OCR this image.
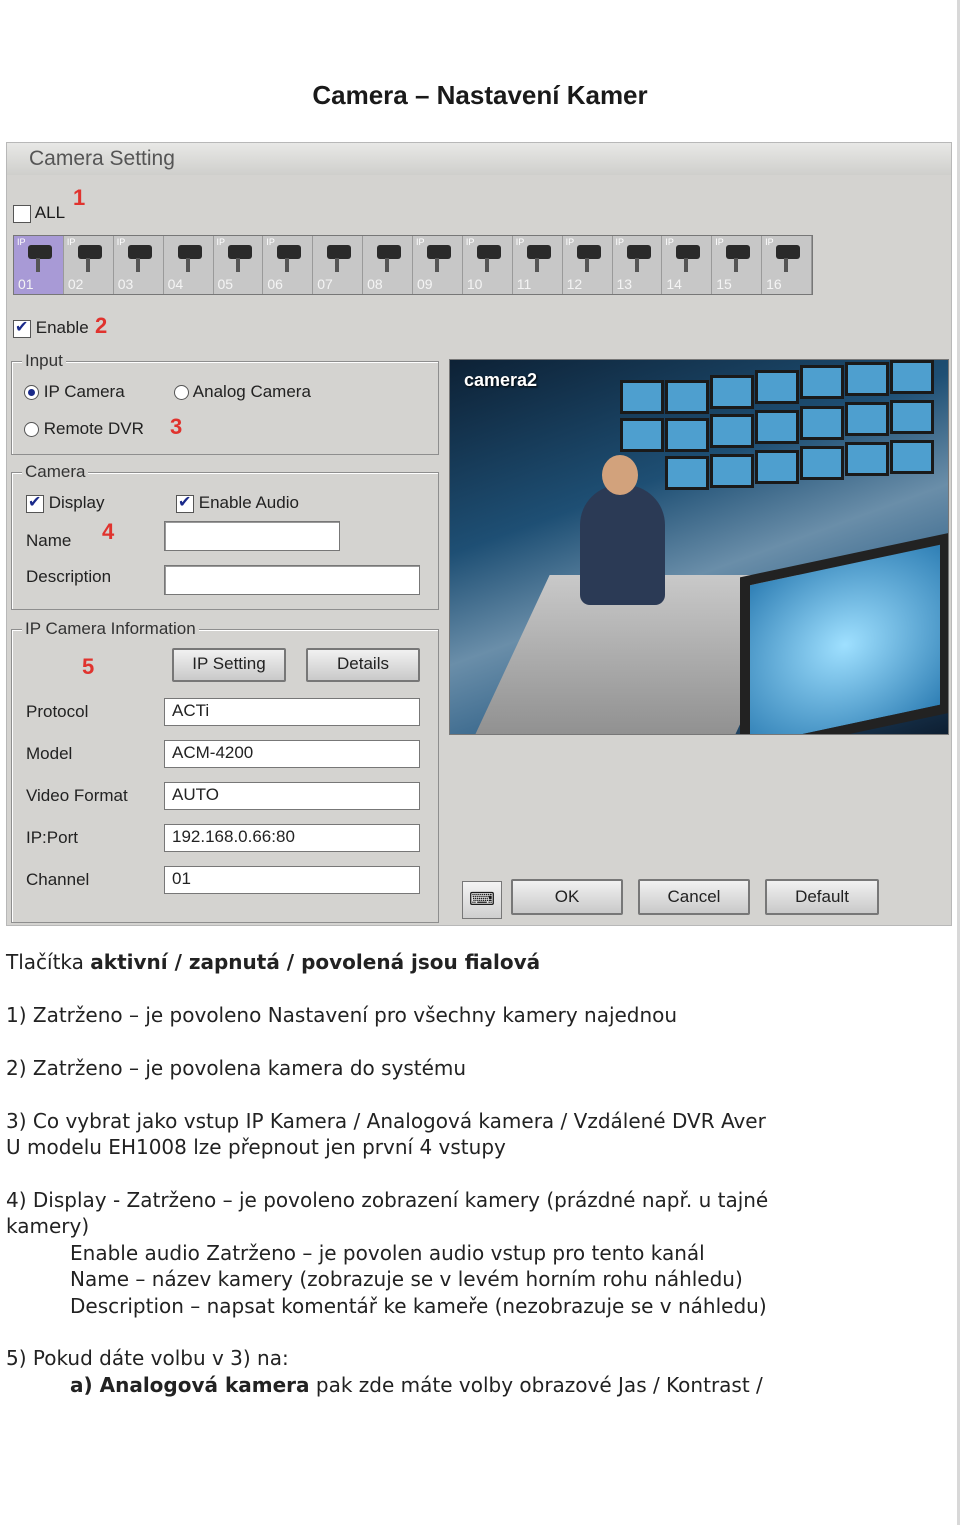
Camera – Nastavení Kamer
Camera Setting
ALL
1
IP
01
IP
02
IP
03 04
IP
05
IP
06 07 08
IP
09
IP
10
IP
11
IP
12
IP
13
IP
14
IP
15
IP
16
✔ Enable 2
Input
IP Camera	Analog Camera
Remote DVR 3
Camera
✔ Display
✔	Enable Audio
Name 4
Description
IP Camera Information
5	IP Setting	Details
Protocol	ACTi
Model	ACM-4200
Video Format	AUTO
IP:Port	192.168.0.66:80
Channel	01
camera2
⌨	OK	Cancel	Default
Tlačítka aktivní / zapnutá / povolená jsou fialová
1) Zatrženo – je povoleno Nastavení pro všechny kamery najednou
2) Zatrženo – je povolena kamera do systému
3) Co vybrat jako vstup IP Kamera / Analogová kamera / Vzdálené DVR Aver
U modelu EH1008 lze přepnout jen první 4 vstupy
4) Display - Zatrženo – je povoleno zobrazení kamery (prázdné např. u tajné
kamery)
Enable audio Zatrženo – je povolen audio vstup pro tento kanál
Name – název kamery (zobrazuje se v levém horním rohu náhledu)
Description – napsat komentář ke kameře (nezobrazuje se v náhledu)
5) Pokud dáte volbu v 3) na:
a) Analogová kamera pak zde máte volby obrazové Jas / Kontrast /
